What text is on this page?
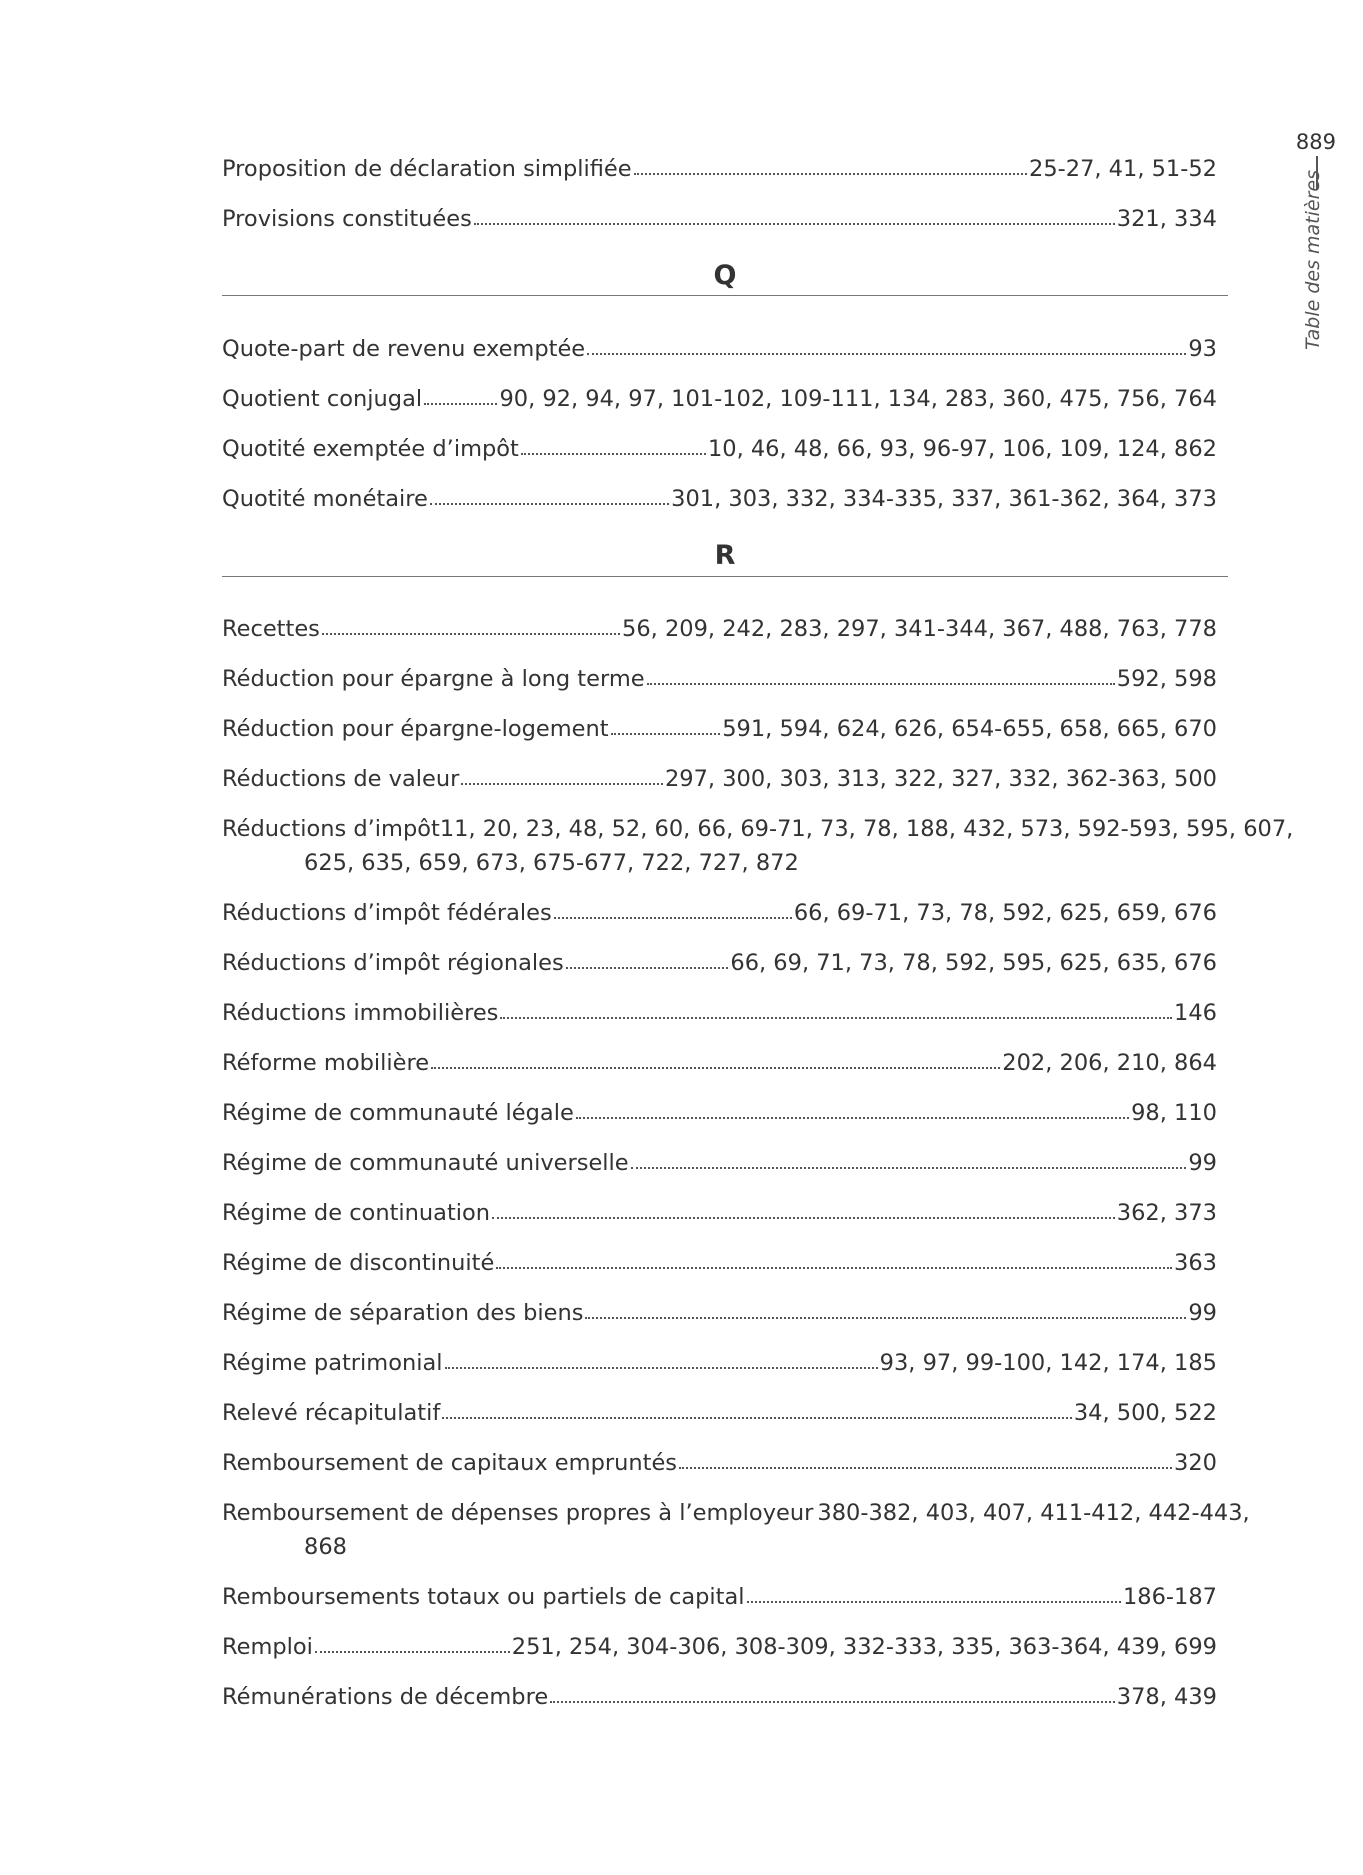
889
Table des matières
Proposition de déclaration simplifiée	25-27, 41, 51-52
Provisions constituées	321, 334
Q
Quote-part de revenu exemptée	93
Quotient conjugal	90, 92, 94, 97, 101-102, 109-111, 134, 283, 360, 475, 756, 764
Quotité exemptée d’impôt	10, 46, 48, 66, 93, 96-97, 106, 109, 124, 862
Quotité monétaire	301, 303, 332, 334-335, 337, 361-362, 364, 373
R
Recettes	56, 209, 242, 283, 297, 341-344, 367, 488, 763, 778
Réduction pour épargne à long terme	592, 598
Réduction pour épargne-logement	591, 594, 624, 626, 654-655, 658, 665, 670
Réductions de valeur	297, 300, 303, 313, 322, 327, 332, 362-363, 500
Réductions d’impôt 11, 20, 23, 48, 52, 60, 66, 69-71, 73, 78, 188, 432, 573, 592-593, 595, 607,
625, 635, 659, 673, 675-677, 722, 727, 872
Réductions d’impôt fédérales	66, 69-71, 73, 78, 592, 625, 659, 676
Réductions d’impôt régionales	66, 69, 71, 73, 78, 592, 595, 625, 635, 676
Réductions immobilières	146
Réforme mobilière	202, 206, 210, 864
Régime de communauté légale	98, 110
Régime de communauté universelle	99
Régime de continuation	362, 373
Régime de discontinuité	363
Régime de séparation des biens	99
Régime patrimonial	93, 97, 99-100, 142, 174, 185
Relevé récapitulatif	34, 500, 522
Remboursement de capitaux empruntés	320
Remboursement de dépenses propres à l’employeur 380-382, 403, 407, 411-412, 442-443,
868
Remboursements totaux ou partiels de capital	186-187
Remploi	251, 254, 304-306, 308-309, 332-333, 335, 363-364, 439, 699
Rémunérations de décembre	378, 439
